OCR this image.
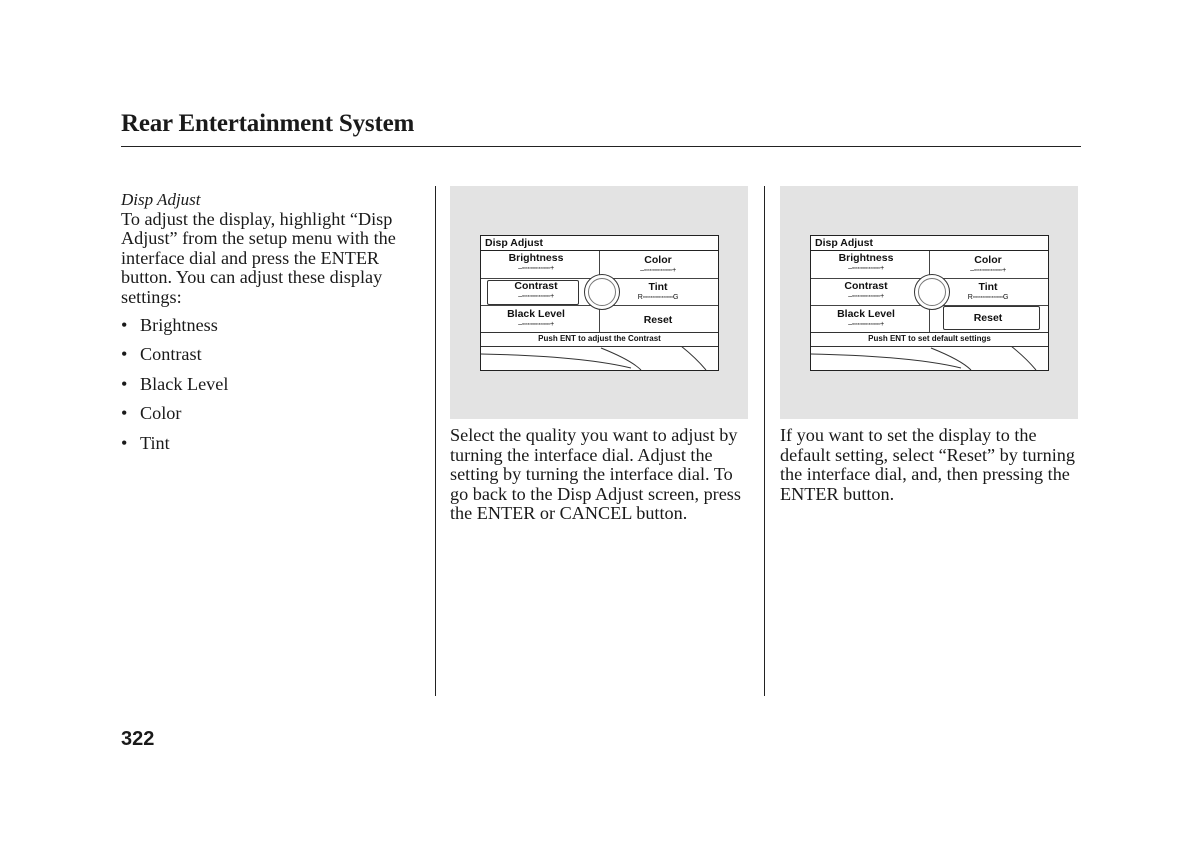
Rear Entertainment System
Disp Adjust
To adjust the display, highlight “Disp Adjust” from the setup menu with the interface dial and press the ENTER button. You can adjust these display settings:
• Brightness
• Contrast
• Black Level
• Color
• Tint
Disp Adjust
Brightness
–▫▫▫▫▫▫▫▫▫▫▫▫▫+
Contrast
–▫▫▫▫▫▫▫▫▫▫▫▫▫+
Black Level
–▫▫▫▫▫▫▫▫▫▫▫▫▫+
Color
–▫▫▫▫▫▫▫▫▫▫▫▫▫+
Tint
R▫▫▫▫▫▫▫▫▫▫▫▫▫▫G
Reset
Push ENT to adjust the Contrast
Disp Adjust
Brightness
–▫▫▫▫▫▫▫▫▫▫▫▫▫+
Contrast
–▫▫▫▫▫▫▫▫▫▫▫▫▫+
Black Level
–▫▫▫▫▫▫▫▫▫▫▫▫▫+
Color
–▫▫▫▫▫▫▫▫▫▫▫▫▫+
Tint
R▫▫▫▫▫▫▫▫▫▫▫▫▫▫G
Reset
Push ENT to set default settings
Select the quality you want to adjust by turning the interface dial. Adjust the setting by turning the interface dial. To go back to the Disp Adjust screen, press the ENTER or CANCEL button.
If you want to set the display to the default setting, select “Reset” by turning the interface dial, and, then pressing the ENTER button.
322
